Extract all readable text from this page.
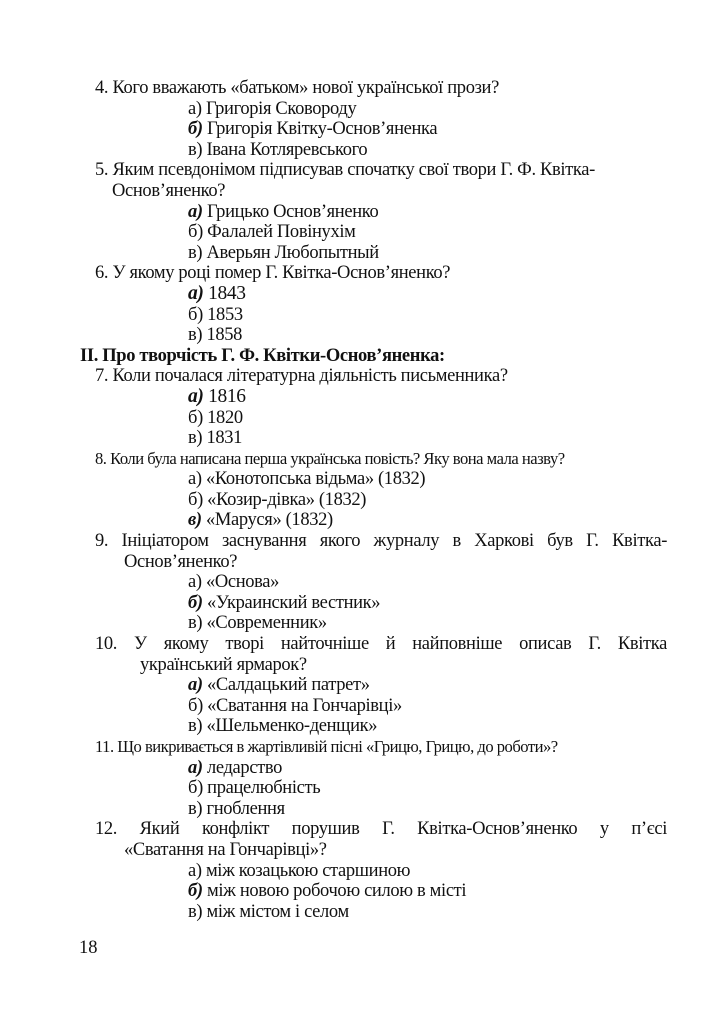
4. Кого вважають «батьком» нової української прози?
а) Григорія Сковороду
б) Григорія Квітку-Основ’яненка
в) Івана Котляревського
5. Яким псевдонімом підписував спочатку свої твори Г. Ф. Квітка-
Основ’яненко?
а) Грицько Основ’яненко
б) Фалалей Повінухім
в) Аверьян Любопытный
6. У якому році помер Г. Квітка-Основ’яненко?
а) 1843
б) 1853
в) 1858
ІІ. Про творчість Г. Ф. Квітки-Основ’яненка:
7. Коли почалася літературна діяльність письменника?
а) 1816
б) 1820
в) 1831
8. Коли була написана перша українська повість? Яку вона мала назву?
а) «Конотопська відьма» (1832)
б) «Козир-дівка» (1832)
в) «Маруся» (1832)
9. Ініціатором заснування якого журналу в Харкові був Г. Квітка-
Основ’яненко?
а) «Основа»
б) «Украинский вестник»
в) «Современник»
10. У якому творі найточніше й найповніше описав Г. Квітка
український ярмарок?
а) «Салдацький патрет»
б) «Сватання на Гончарівці»
в) «Шельменко-денщик»
11. Що викривається в жартівливій пісні «Грицю, Грицю, до роботи»?
а) ледарство
б) працелюбність
в) гноблення
12. Який конфлікт порушив Г. Квітка-Основ’яненко у п’єсі
«Сватання на Гончарівці»?
а) між козацькою старшиною
б) між новою робочою силою в місті
в) між містом і селом
18
